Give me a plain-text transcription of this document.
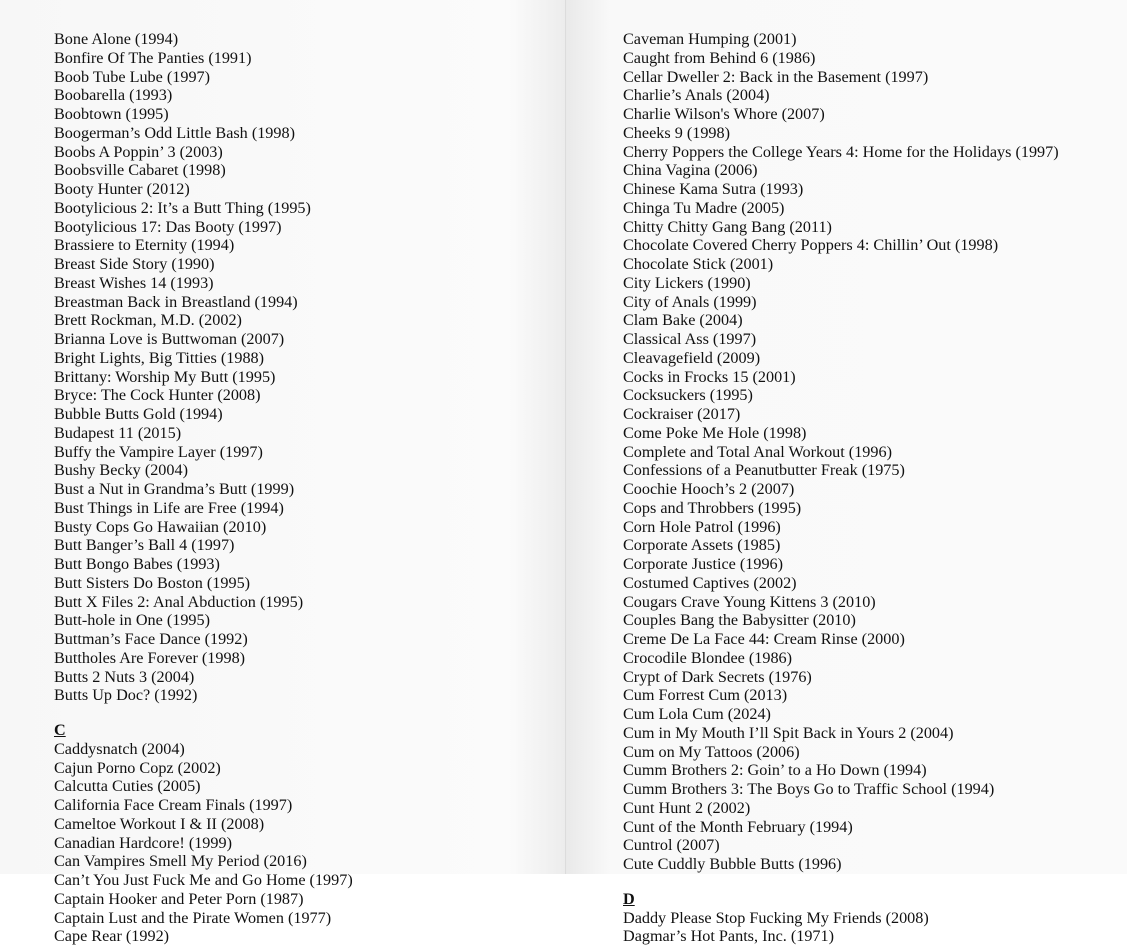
Bone Alone (1994)
Bonfire Of The Panties (1991)
Boob Tube Lube (1997)
Boobarella (1993)
Boobtown (1995)
Boogerman’s Odd Little Bash (1998)
Boobs A Poppin’ 3 (2003)
Boobsville Cabaret (1998)
Booty Hunter (2012)
Bootylicious 2: It’s a Butt Thing (1995)
Bootylicious 17: Das Booty (1997)
Brassiere to Eternity (1994)
Breast Side Story (1990)
Breast Wishes 14 (1993)
Breastman Back in Breastland (1994)
Brett Rockman, M.D. (2002)
Brianna Love is Buttwoman (2007)
Bright Lights, Big Titties (1988)
Brittany: Worship My Butt (1995)
Bryce: The Cock Hunter (2008)
Bubble Butts Gold (1994)
Budapest 11 (2015)
Buffy the Vampire Layer (1997)
Bushy Becky (2004)
Bust a Nut in Grandma’s Butt (1999)
Bust Things in Life are Free (1994)
Busty Cops Go Hawaiian (2010)
Butt Banger’s Ball 4 (1997)
Butt Bongo Babes (1993)
Butt Sisters Do Boston (1995)
Butt X Files 2: Anal Abduction (1995)
Butt-hole in One (1995)
Buttman’s Face Dance (1992)
Buttholes Are Forever (1998)
Butts 2 Nuts 3 (2004)
Butts Up Doc? (1992)
C
Caddysnatch (2004)
Cajun Porno Copz (2002)
Calcutta Cuties (2005)
California Face Cream Finals (1997)
Cameltoe Workout I & II (2008)
Canadian Hardcore! (1999)
Can Vampires Smell My Period (2016)
Can’t You Just Fuck Me and Go Home (1997)
Captain Hooker and Peter Porn (1987)
Captain Lust and the Pirate Women (1977)
Cape Rear (1992)
Caveman Humping (2001)
Caught from Behind 6 (1986)
Cellar Dweller 2: Back in the Basement (1997)
Charlie’s Anals (2004)
Charlie Wilson's Whore (2007)
Cheeks 9 (1998)
Cherry Poppers the College Years 4: Home for the Holidays (1997)
China Vagina (2006)
Chinese Kama Sutra (1993)
Chinga Tu Madre (2005)
Chitty Chitty Gang Bang (2011)
Chocolate Covered Cherry Poppers 4: Chillin’ Out (1998)
Chocolate Stick (2001)
City Lickers (1990)
City of Anals (1999)
Clam Bake (2004)
Classical Ass (1997)
Cleavagefield (2009)
Cocks in Frocks 15 (2001)
Cocksuckers (1995)
Cockraiser (2017)
Come Poke Me Hole (1998)
Complete and Total Anal Workout (1996)
Confessions of a Peanutbutter Freak (1975)
Coochie Hooch’s 2 (2007)
Cops and Throbbers (1995)
Corn Hole Patrol (1996)
Corporate Assets (1985)
Corporate Justice (1996)
Costumed Captives (2002)
Cougars Crave Young Kittens 3 (2010)
Couples Bang the Babysitter (2010)
Creme De La Face 44: Cream Rinse (2000)
Crocodile Blondee (1986)
Crypt of Dark Secrets (1976)
Cum Forrest Cum (2013)
Cum Lola Cum (2024)
Cum in My Mouth I’ll Spit Back in Yours 2 (2004)
Cum on My Tattoos (2006)
Cumm Brothers 2: Goin’ to a Ho Down (1994)
Cumm Brothers 3: The Boys Go to Traffic School (1994)
Cunt Hunt 2 (2002)
Cunt of the Month February (1994)
Cuntrol (2007)
Cute Cuddly Bubble Butts (1996)
D
Daddy Please Stop Fucking My Friends (2008)
Dagmar’s Hot Pants, Inc. (1971)
